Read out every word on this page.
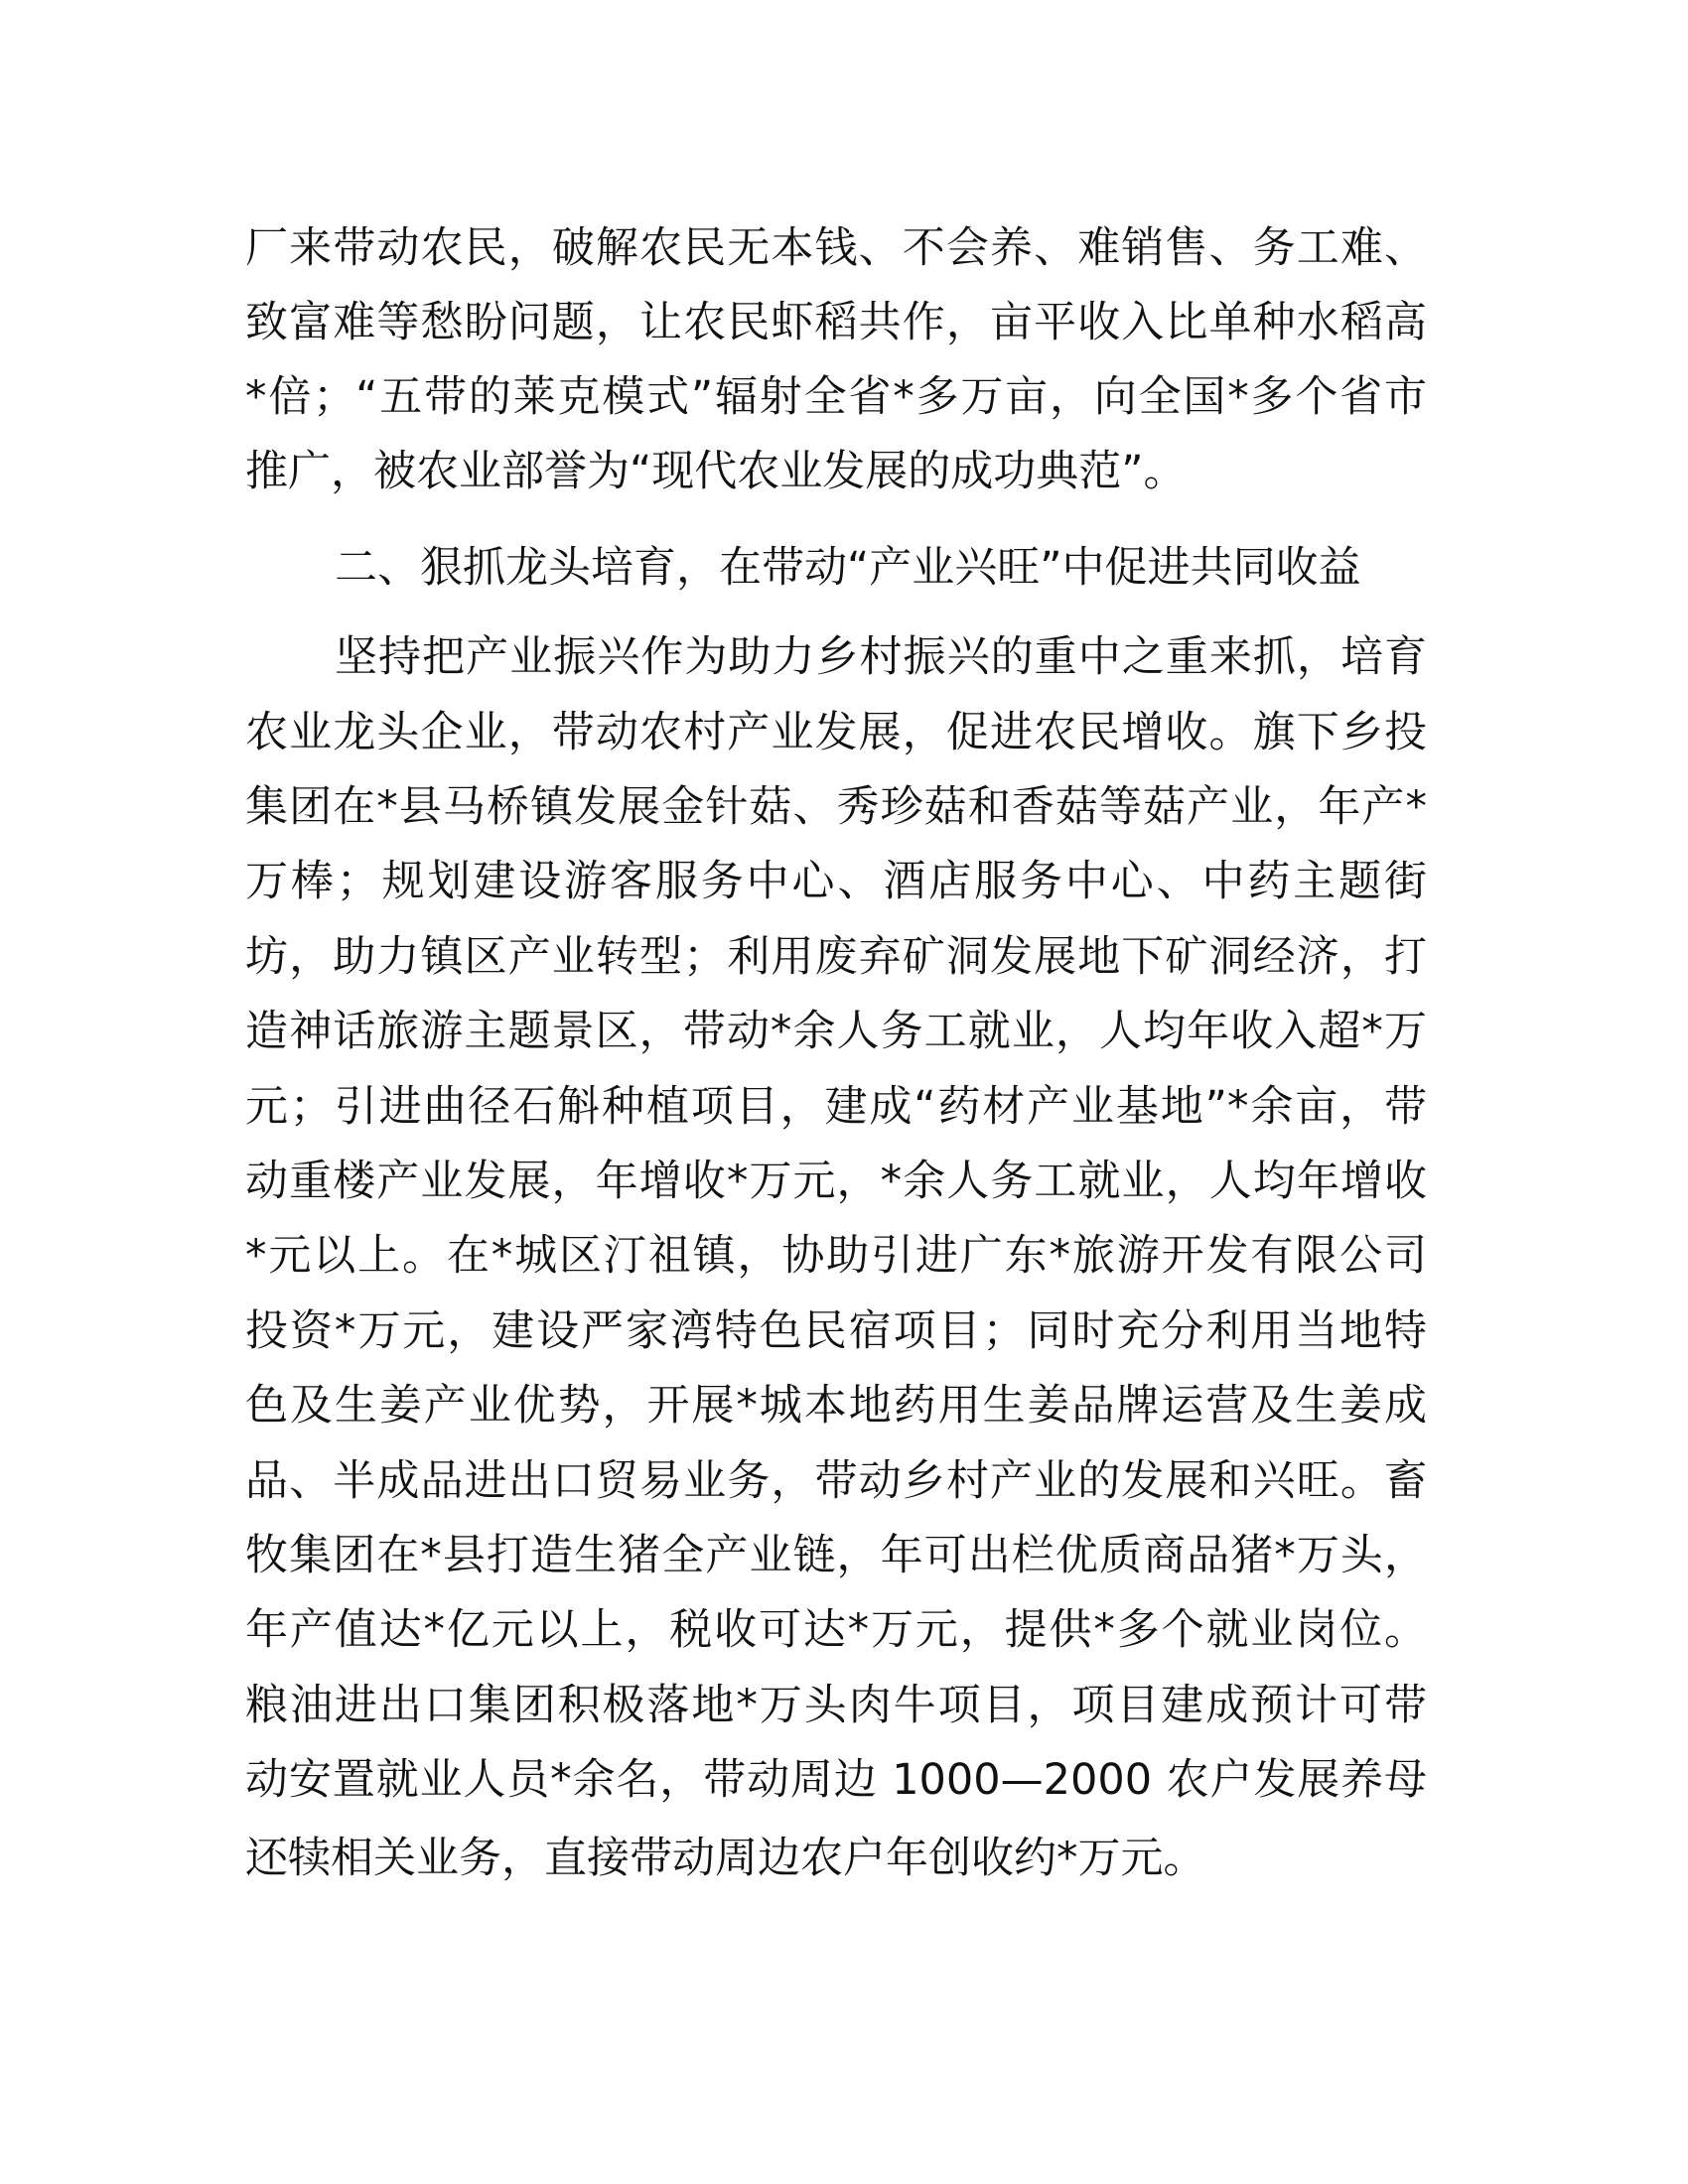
厂来带动农民，破解农民无本钱、不会养、难销售、务工难、
致富难等愁盼问题，让农民虾稻共作，亩平收入比单种水稻高
*倍；“五带的莱克模式”辐射全省*多万亩，向全国*多个省市
推广，被农业部誉为“现代农业发展的成功典范”。
二、狠抓龙头培育，在带动“产业兴旺”中促进共同收益
坚持把产业振兴作为助力乡村振兴的重中之重来抓，培育
农业龙头企业，带动农村产业发展，促进农民增收。旗下乡投
集团在*县马桥镇发展金针菇、秀珍菇和香菇等菇产业，年产*
万棒；规划建设游客服务中心、酒店服务中心、中药主题街
坊，助力镇区产业转型；利用废弃矿洞发展地下矿洞经济，打
造神话旅游主题景区，带动*余人务工就业，人均年收入超*万
元；引进曲径石斛种植项目，建成“药材产业基地”*余亩，带
动重楼产业发展，年增收*万元，*余人务工就业，人均年增收
*元以上。在*城区汀祖镇，协助引进广东*旅游开发有限公司
投资*万元，建设严家湾特色民宿项目；同时充分利用当地特
色及生姜产业优势，开展*城本地药用生姜品牌运营及生姜成
品、半成品进出口贸易业务，带动乡村产业的发展和兴旺。畜
牧集团在*县打造生猪全产业链，年可出栏优质商品猪*万头，
年产值达*亿元以上，税收可达*万元，提供*多个就业岗位。
粮油进出口集团积极落地*万头肉牛项目，项目建成预计可带
动安置就业人员*余名，带动周边 1000—2000 农户发展养母
还犊相关业务，直接带动周边农户年创收约*万元。
